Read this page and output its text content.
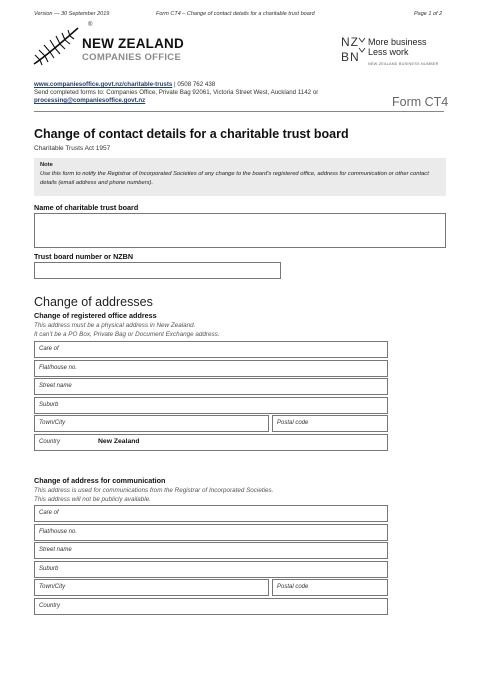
Version — 30 September 2019	Form CT4 – Change of contact details for a charitable trust board	Page 1 of 2
®
NEW ZEALAND
COMPANIES OFFICE
NZ
BN
More business
Less work
NEW ZEALAND BUSINESS NUMBER
www.companiesoffice.govt.nz/charitable-trusts | 0508 762 438
Send completed forms to: Companies Office, Private Bag 92061, Victoria Street West, Auckland 1142 or
processing@companiesoffice.govt.nz	Form CT4
Change of contact details for a charitable trust board
Charitable Trusts Act 1957
Note
Use this form to notify the Registrar of Incorporated Societies of any change to the board’s registered office, address for communication or other contact details (email address and phone numbers).
Name of charitable trust board
Trust board number or NZBN
Change of addresses
Change of registered office address
This address must be a physical address in New Zealand.
It can’t be a PO Box, Private Bag or Document Exchange address.
Care of
Flat/house no.
Street name
Suburb
Town/City	Postal code
Country	New Zealand
Change of address for communication
This address is used for communications from the Registrar of Incorporated Societies.
This address will not be publicly available.
Care of
Flat/house no.
Street name
Suburb
Town/City	Postal code
Country
